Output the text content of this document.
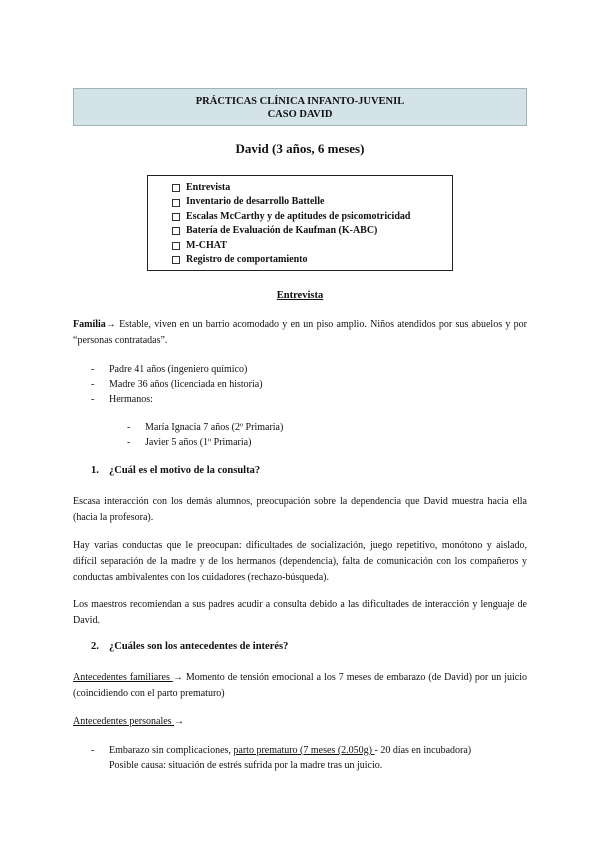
PRÁCTICAS CLÍNICA INFANTO-JUVENIL
CASO DAVID
David (3 años, 6 meses)
Entrevista
Inventario de desarrollo Battelle
Escalas McCarthy y de aptitudes de psicomotricidad
Batería de Evaluación de Kaufman (K-ABC)
M-CHAT
Registro de comportamiento
Entrevista

Familia→ Estable, viven en un barrio acomodado y en un piso amplio. Niños atendidos por sus abuelos y por “personas contratadas”.

- Padre 41 años (ingeniero químico)
- Madre 36 años (licenciada en historia)
- Hermanos:
- María Ignacia 7 años (2º Primaria)
- Javier 5 años (1º Primaria)
1. ¿Cuál es el motivo de la consulta?

Escasa interacción con los demás alumnos, preocupación sobre la dependencia que David muestra hacia ella (hacia la profesora).

Hay varias conductas que le preocupan: dificultades de socialización, juego repetitivo, monótono y aislado, difícil separación de la madre y de los hermanos (dependencia), falta de comunicación con los compañeros y conductas ambivalentes con los cuidadores (rechazo-búsqueda).

Los maestros recomiendan a sus padres acudir a consulta debido a las dificultades de interacción y lenguaje de David.

2. ¿Cuáles son los antecedentes de interés?

Antecedentes familiares → Momento de tensión emocional a los 7 meses de embarazo (de David) por un juicio (coincidiendo con el parto prematuro)

Antecedentes personales →

- Embarazo sin complicaciones, parto prematuro (7 meses (2.050g) - 20 días en incubadora)
Posible causa: situación de estrés sufrida por la madre tras un juicio.
